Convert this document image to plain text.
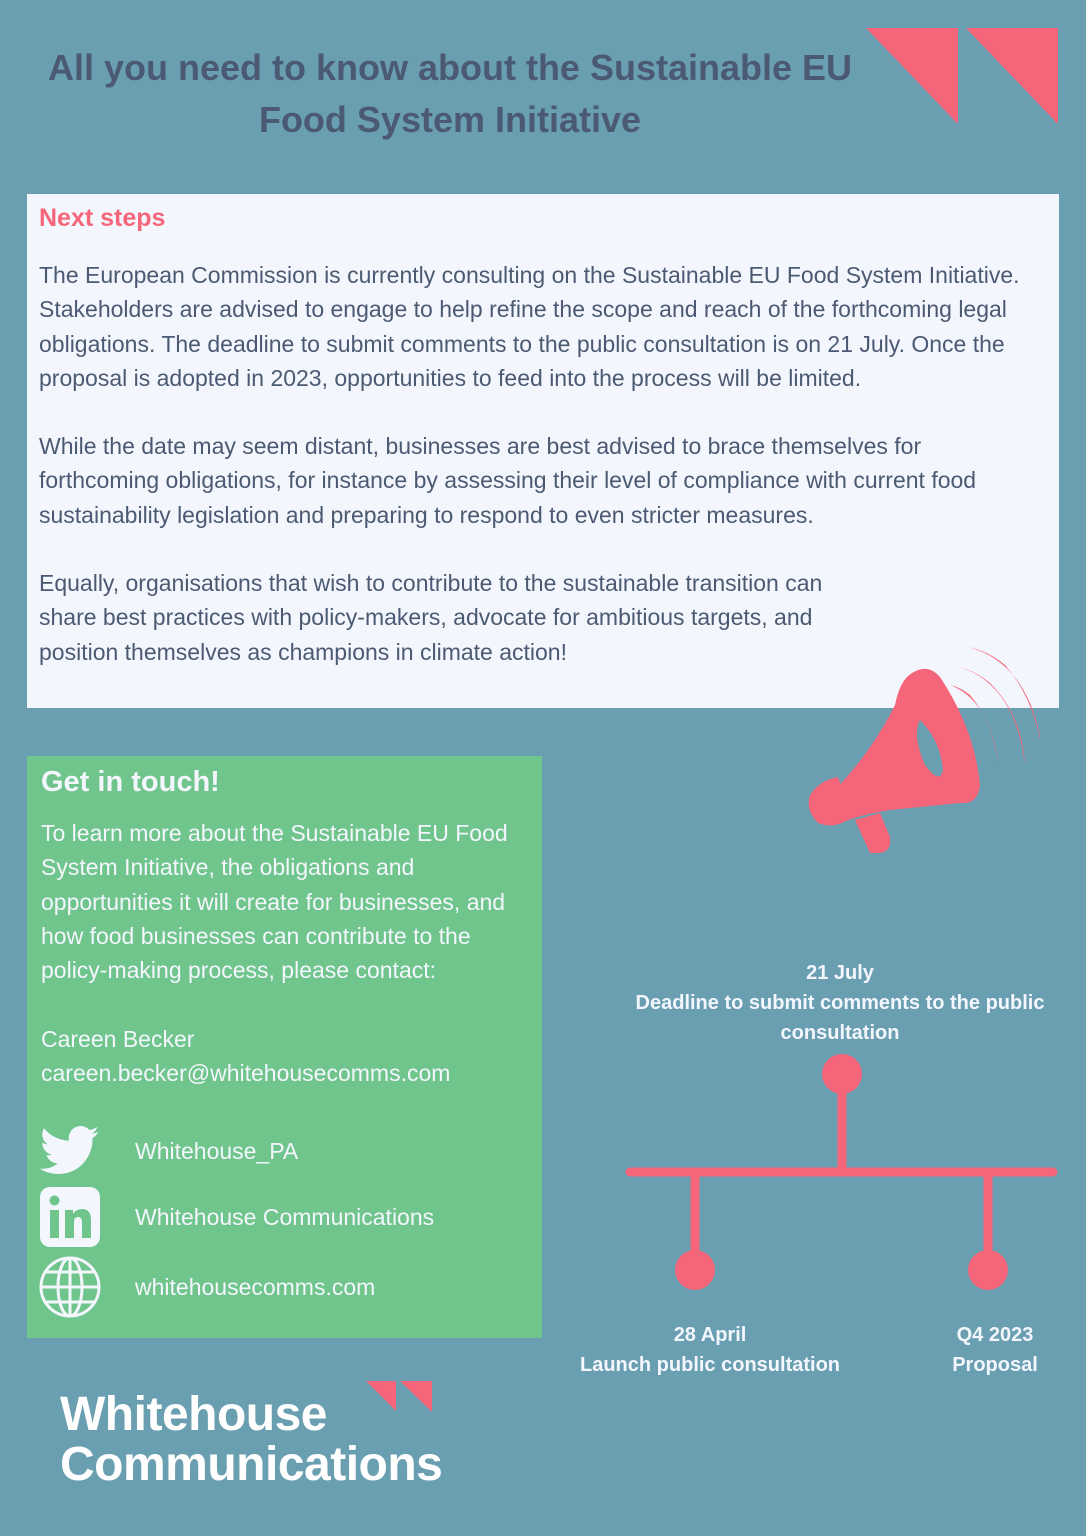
All you need to know about the Sustainable EU
Food System Initiative
Next steps

The European Commission is currently consulting on the Sustainable EU Food System Initiative. Stakeholders are advised to engage to help refine the scope and reach of the forthcoming legal obligations. The deadline to submit comments to the public consultation is on 21 July. Once the proposal is adopted in 2023, opportunities to feed into the process will be limited.

While the date may seem distant, businesses are best advised to brace themselves for forthcoming obligations, for instance by assessing their level of compliance with current food sustainability legislation and preparing to respond to even stricter measures.

Equally, organisations that wish to contribute to the sustainable transition can share best practices with policy-makers, advocate for ambitious targets, and position themselves as champions in climate action!

Get in touch!
To learn more about the Sustainable EU Food System Initiative, the obligations and opportunities it will create for businesses, and how food businesses can contribute to the policy-making process, please contact:
Careen Becker
careen.becker@whitehousecomms.com
Whitehouse_PA
Whitehouse Communications
whitehousecomms.com
21 July
Deadline to submit comments to the public consultation
28 April
Launch public consultation
Q4 2023
Proposal
Whitehouse
Communications
